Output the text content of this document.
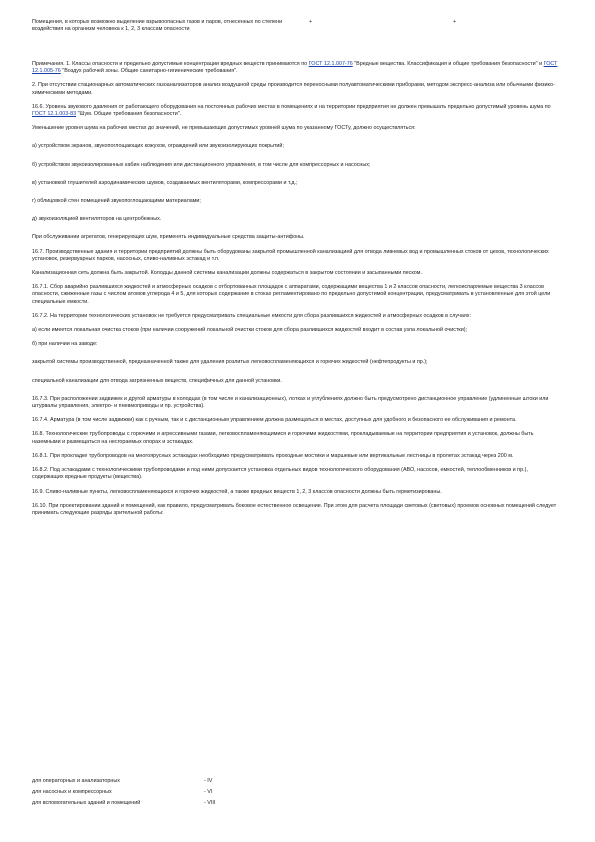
Помещения, в которых возможно выделение взрывоопасных газов и паров, отнесенных по степени воздействия на организм человека к 1, 2, 3 классам опасности
+	+

Примечания. 1. Классы опасности и предельно допустимые концентрации вредных веществ принимаются по ГОСТ 12.1.007-76 "Вредные вещества. Классификация и общие требования безопасности" и ГОСТ 12.1.005-76 "Воздух рабочей зоны. Общие санитарно-гигиенические требования".

2. При отсутствии стационарных автоматических газоанализаторов анализ воздушной среды производится переносными полуавтоматическими приборами, методом экспресс-анализа или обычными физико-химическими методами.

16.6. Уровень звукового давления от работающего оборудования на постоянных рабочих местах в помещениях и на территории предприятия не должен превышать предельно допустимый уровень шума по ГОСТ 12.1.003-83 "Шум. Общие требования безопасности".

Уменьшение уровня шума на рабочих местах до значений, не превышающих допустимых уровней шума по указанному ГОСТу, должно осуществляться:

а) устройством экранов, звукопоглощающих кожухов, ограждений или звукоизолирующих покрытий;

б) устройством звукоизолированных кабин наблюдения или дистанционного управления, в том числе для компрессорных и насосных;

в) установкой глушителей аэродинамических шумов, создаваемых вентиляторами, компрессорами и т.д.;

г) облицовкой стен помещений звукопоглощающими материалами;

д) звукоизоляцией вентиляторов на центробежных.

При обслуживании агрегатов, генерирующих шум, применять индивидуальные средства защиты-антифоны.

16.7. Производственные здания и территории предприятий должны быть оборудованы закрытой промышленной канализацией для отвода ливневых вод и промышленных стоков от цехов, технологических установок, резервуарных парков, насосных, сливо-наливных эстакад и т.п.

Канализационная сеть должна быть закрытой. Колодцы данной системы канализации должны содержаться в закрытом состоянии и засыпанными песком.

16.7.1. Сбор аварийно разлившихся жидкостей и атмосферных осадков с отбортованных площадок с аппаратами, содержащими вещества 1 и 2 классов опасности, легкоиспаряемые вещества 3 классов опасности, сжиженные газы с числом атомов углерода 4 и 5, для которых содержание в стоках регламентировано по предельно допустимой концентрации, предусматривать в установленные для этой цели специальные емкости.

16.7.2. На территории технологических установок не требуется предусматривать специальные емкости для сбора разлившихся жидкостей и атмосферных осадков в случаях:

а) если имеется локальная очистка стоков (при наличии сооружений локальной очистки стоков для сбора разлившихся жидкостей входит в состав узла локальной очистки);

б) при наличии на заводе:

закрытой системы производственной, предназначенной также для удаления розлитых легковоспламеняющихся и горючих жидкостей (нефтепродукты и пр.);

специальной канализации для отвода загрязненных веществ, специфичных для данной установки.

16.7.3. При расположении задвижек и другой арматуры в колодцах (в том числе и канализационных), лотках и углублениях должно быть предусмотрено дистанционное управление (удлиненные штоки или штурвалы управления, электро- и пневмоприводы и пр. устройства).

16.7.4. Арматура (в том числе задвижки) как с ручным, так и с дистанционным управлением должна размещаться в местах, доступных для удобного и безопасного ее обслуживания и ремонта.

16.8. Технологические трубопроводы с горючими и агрессивными газами, легковоспламеняющимися и горючими жидкостями, прокладываемые на территории предприятия и установок, должны быть наземными и размещаться на несгораемых опорах и эстакадах.

16.8.1. При прокладке трубопроводов на многоярусных эстакадах необходимо предусматривать проходные мостики и маршевые или вертикальные лестницы в пролетах эстакад через 200 м.

16.8.2. Под эстакадами с технологическими трубопроводами и под ними допускается установка отдельных видов технологического оборудования (АВО, насосов, емкостей, теплообменников и пр.), содержащих вредные продукты (вещества).

16.9. Сливо-наливные пункты, легковоспламеняющихся и горючих жидкостей, а также вредных веществ 1, 2, 3 классов опасности должны быть герметизированы.

16.10. При проектировании зданий и помещений, как правило, предусматривать боковое естественное освещение. При этом для расчета площади световых (световых) проемов основных помещений следует принимать следующие разряды зрительной работы:

для операторных и анализаторных	- IV
для насосных и компрессорных	- VI
для вспомогательных зданий и помещений	- VIII
